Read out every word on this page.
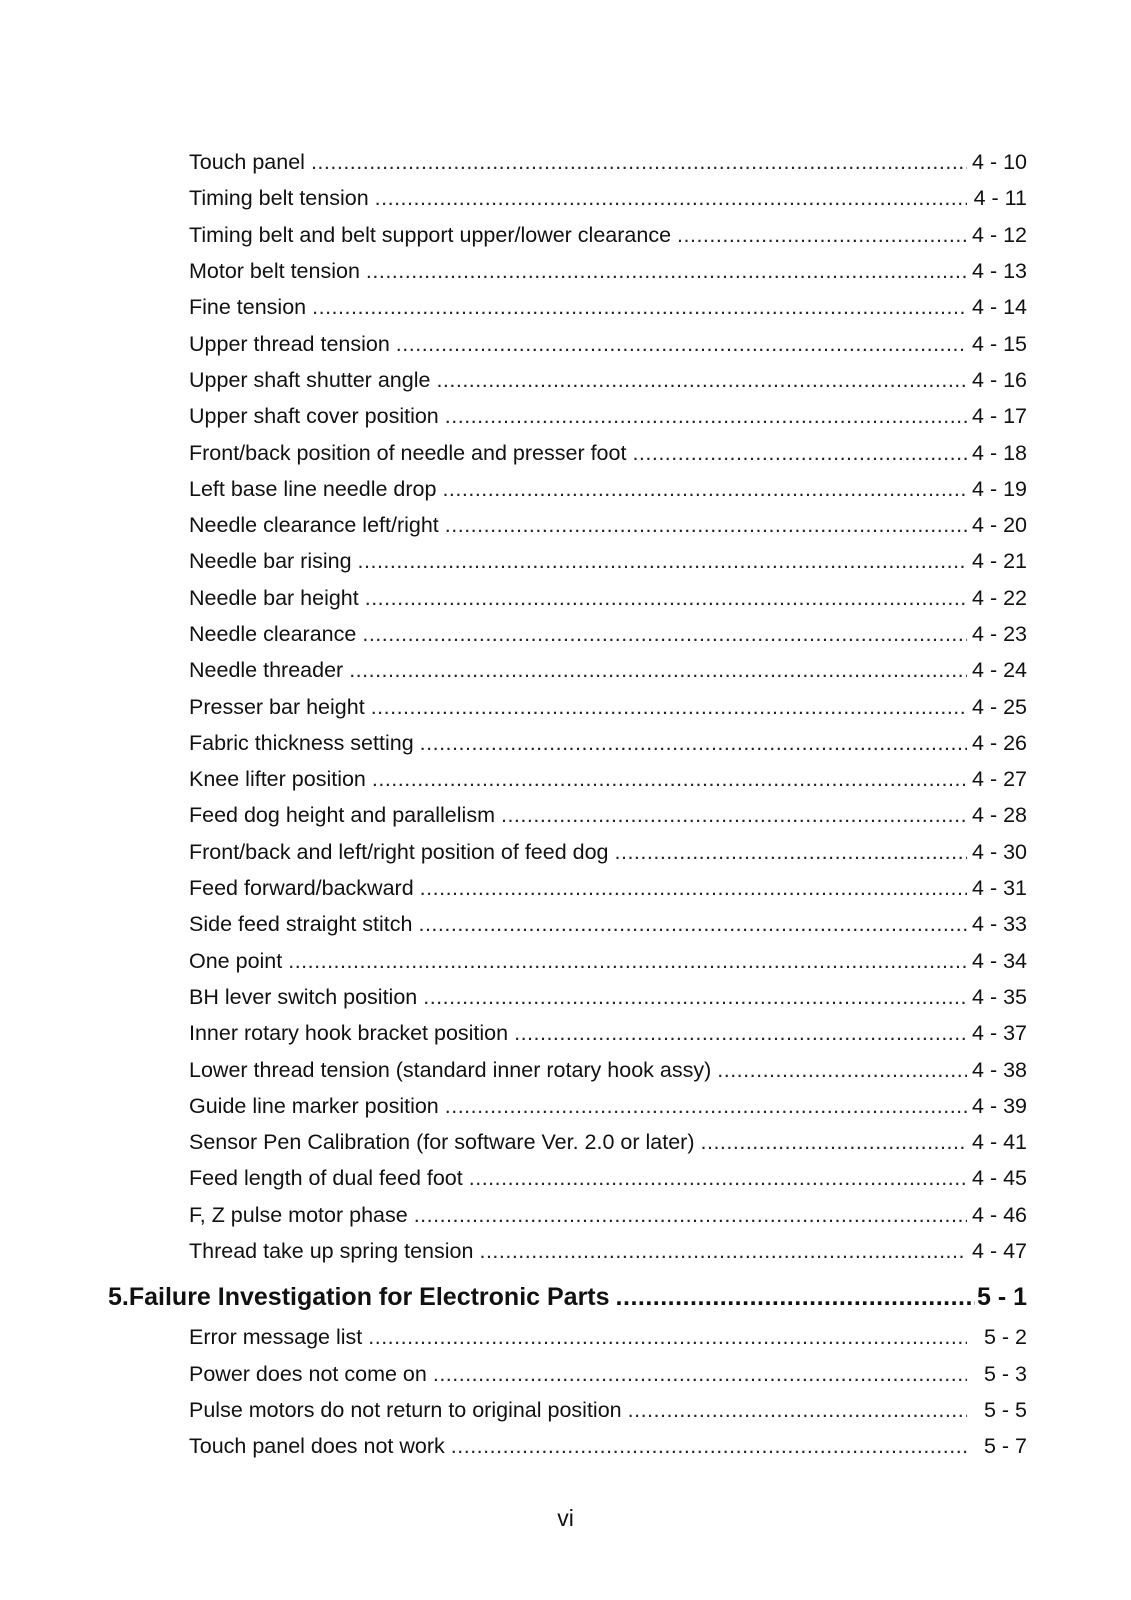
Touch panel .....	4 - 10
Timing belt tension .....	4 - 11
Timing belt and belt support upper/lower clearance .....	4 - 12
Motor belt tension .....	4 - 13
Fine tension .....	4 - 14
Upper thread tension .....	4 - 15
Upper shaft shutter angle .....	4 - 16
Upper shaft cover position .....	4 - 17
Front/back position of needle and presser foot .....	4 - 18
Left base line needle drop .....	4 - 19
Needle clearance left/right .....	4 - 20
Needle bar rising .....	4 - 21
Needle bar height .....	4 - 22
Needle clearance .....	4 - 23
Needle threader .....	4 - 24
Presser bar height .....	4 - 25
Fabric thickness setting .....	4 - 26
Knee lifter position .....	4 - 27
Feed dog height and parallelism .....	4 - 28
Front/back and left/right position of feed dog .....	4 - 30
Feed forward/backward .....	4 - 31
Side feed straight stitch .....	4 - 33
One point .....	4 - 34
BH lever switch position .....	4 - 35
Inner rotary hook bracket position .....	4 - 37
Lower thread tension (standard inner rotary hook assy) .....	4 - 38
Guide line marker position .....	4 - 39
Sensor Pen Calibration (for software Ver. 2.0 or later) .....	4 - 41
Feed length of dual feed foot .....	4 - 45
F, Z pulse motor phase .....	4 - 46
Thread take up spring tension .....	4 - 47
5. Failure Investigation for Electronic Parts .....	5 - 1
Error message list .....	5 - 2
Power does not come on .....	5 - 3
Pulse motors do not return to original position .....	5 - 5
Touch panel does not work .....	5 - 7
vi
